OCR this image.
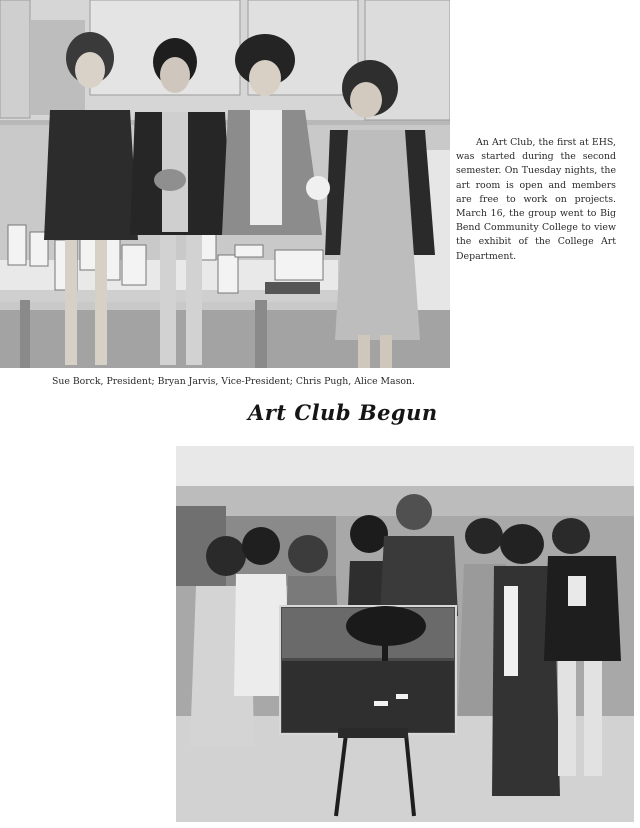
An Art Club, the first at EHS, was started during the second semester. On Tuesday nights, the art room is open and members are free to work on projects. March 16, the group went to Big Bend Community College to view the exhibit of the College Art Department.

Sue Borck, President; Bryan Jarvis, Vice-President; Chris Pugh, Alice Mason.

Art Club Begun
